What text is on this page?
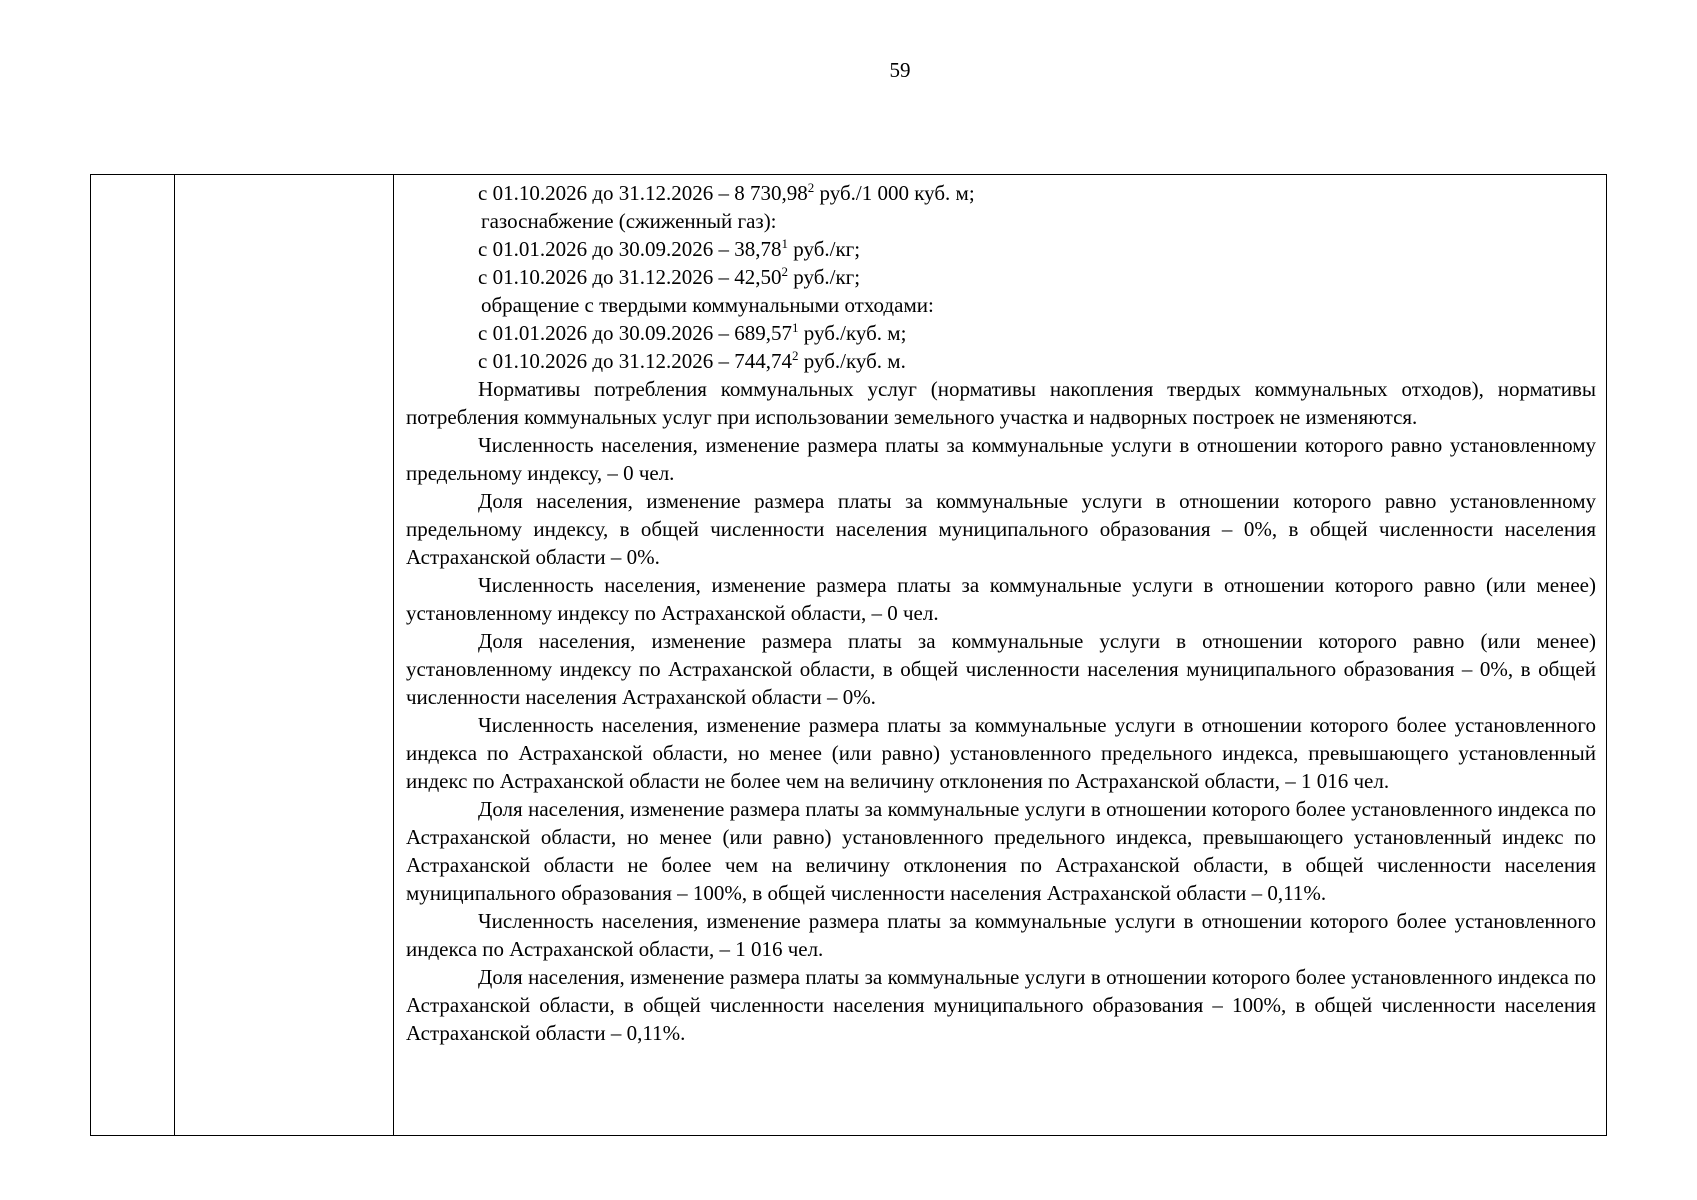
59

с 01.10.2026 до 31.12.2026 – 8 730,98$^2$ руб./1 000 куб. м;

газоснабжение (сжиженный газ):

с 01.01.2026 до 30.09.2026 – 38,78$^1$ руб./кг;

с 01.10.2026 до 31.12.2026 – 42,50$^2$ руб./кг;

обращение с твердыми коммунальными отходами:

с 01.01.2026 до 30.09.2026 – 689,57$^1$ руб./куб. м;

с 01.10.2026 до 31.12.2026 – 744,74$^2$ руб./куб. м.

Нормативы потребления коммунальных услуг (нормативы накопления твердых коммунальных отходов), нормативы потребления коммунальных услуг при использовании земельного участка и надворных построек не изменяются.

Численность населения, изменение размера платы за коммунальные услуги в отношении которого равно установленному предельному индексу, – 0 чел.

Доля населения, изменение размера платы за коммунальные услуги в отношении которого равно установленному предельному индексу, в общей численности населения муниципального образования – 0%, в общей численности населения Астраханской области – 0%.

Численность населения, изменение размера платы за коммунальные услуги в отношении которого равно (или менее) установленному индексу по Астраханской области, – 0 чел.

Доля населения, изменение размера платы за коммунальные услуги в отношении которого равно (или менее) установленному индексу по Астраханской области, в общей численности населения муниципального образования – 0%, в общей численности населения Астраханской области – 0%.

Численность населения, изменение размера платы за коммунальные услуги в отношении которого более установленного индекса по Астраханской области, но менее (или равно) установленного предельного индекса, превышающего установленный индекс по Астраханской области не более чем на величину отклонения по Астраханской области, – 1 016 чел.

Доля населения, изменение размера платы за коммунальные услуги в отношении которого более установленного индекса по Астраханской области, но менее (или равно) установленного предельного индекса, превышающего установленный индекс по Астраханской области не более чем на величину отклонения по Астраханской области, в общей численности населения муниципального образования – 100%, в общей численности населения Астраханской области – 0,11%.

Численность населения, изменение размера платы за коммунальные услуги в отношении которого более установленного индекса по Астраханской области, – 1 016 чел.

Доля населения, изменение размера платы за коммунальные услуги в отношении которого более установленного индекса по Астраханской области, в общей численности населения муниципального образования – 100%, в общей численности населения Астраханской области – 0,11%.
